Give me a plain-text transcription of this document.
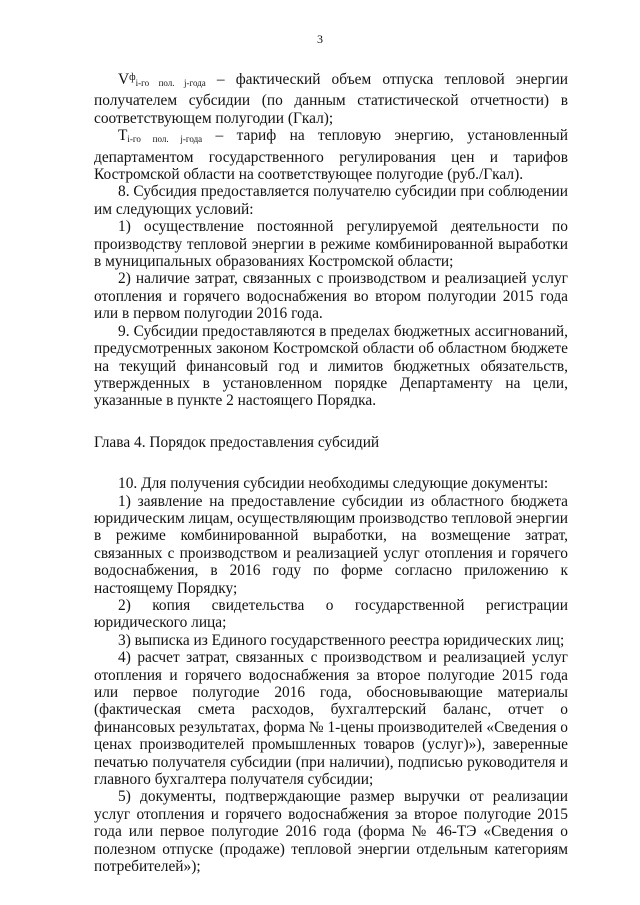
3

$V^ф_{i-го пол. j-года}$ – фактический объем отпуска тепловой энергии получателем субсидии (по данным статистической отчетности) в соответствующем полугодии (Гкал);

$T_{i-го пол. j-года}$ – тариф на тепловую энергию, установленный департаментом государственного регулирования цен и тарифов Костромской области на соответствующее полугодие (руб./Гкал).

8. Субсидия предоставляется получателю субсидии при соблюдении им следующих условий:

1) осуществление постоянной регулируемой деятельности по производству тепловой энергии в режиме комбинированной выработки в муниципальных образованиях Костромской области;

2) наличие затрат, связанных с производством и реализацией услуг отопления и горячего водоснабжения во втором полугодии 2015 года или в первом полугодии 2016 года.

9. Субсидии предоставляются в пределах бюджетных ассигнований, предусмотренных законом Костромской области об областном бюджете на текущий финансовый год и лимитов бюджетных обязательств, утвержденных в установленном порядке Департаменту на цели, указанные в пункте 2 настоящего Порядка.

Глава 4. Порядок предоставления субсидий

10. Для получения субсидии необходимы следующие документы:

1) заявление на предоставление субсидии из областного бюджета юридическим лицам, осуществляющим производство тепловой энергии в режиме комбинированной выработки, на возмещение затрат, связанных с производством и реализацией услуг отопления и горячего водоснабжения, в 2016 году по форме согласно приложению к настоящему Порядку;

2) копия свидетельства о государственной регистрации юридического лица;

3) выписка из Единого государственного реестра юридических лиц;

4) расчет затрат, связанных с производством и реализацией услуг отопления и горячего водоснабжения за второе полугодие 2015 года или первое полугодие 2016 года, обосновывающие материалы (фактическая смета расходов, бухгалтерский баланс, отчет о финансовых результатах, форма № 1-цены производителей «Сведения о ценах производителей промышленных товаров (услуг)»), заверенные печатью получателя субсидии (при наличии), подписью руководителя и главного бухгалтера получателя субсидии;

5) документы, подтверждающие размер выручки от реализации услуг отопления и горячего водоснабжения за второе полугодие 2015 года или первое полугодие 2016 года (форма № 46-ТЭ «Сведения о полезном отпуске (продаже) тепловой энергии отдельным категориям потребителей»);
